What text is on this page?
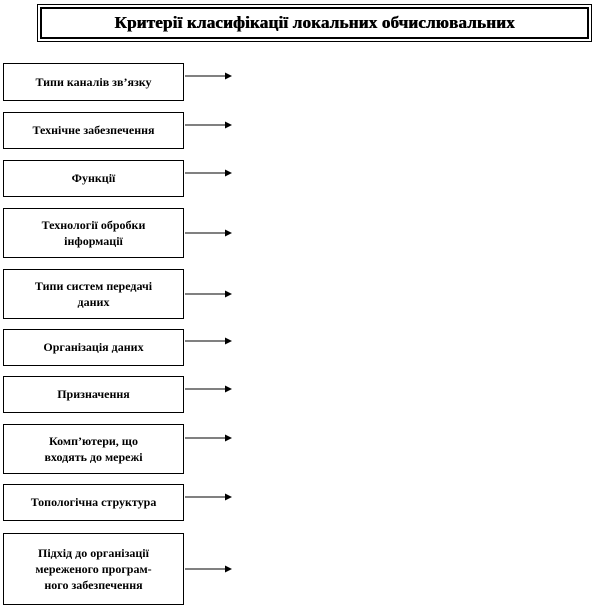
Критерії класифікації локальних обчислювальних
Типи каналів зв’язку
Технічне забезпечення
Функції
Технології обробки
інформації
Типи систем передачі
даних
Організація даних
Призначення
Комп’ютери, що
входять до мережі
Топологічна структура
Підхід до організації
мереженого програм-
ного забезпечення
